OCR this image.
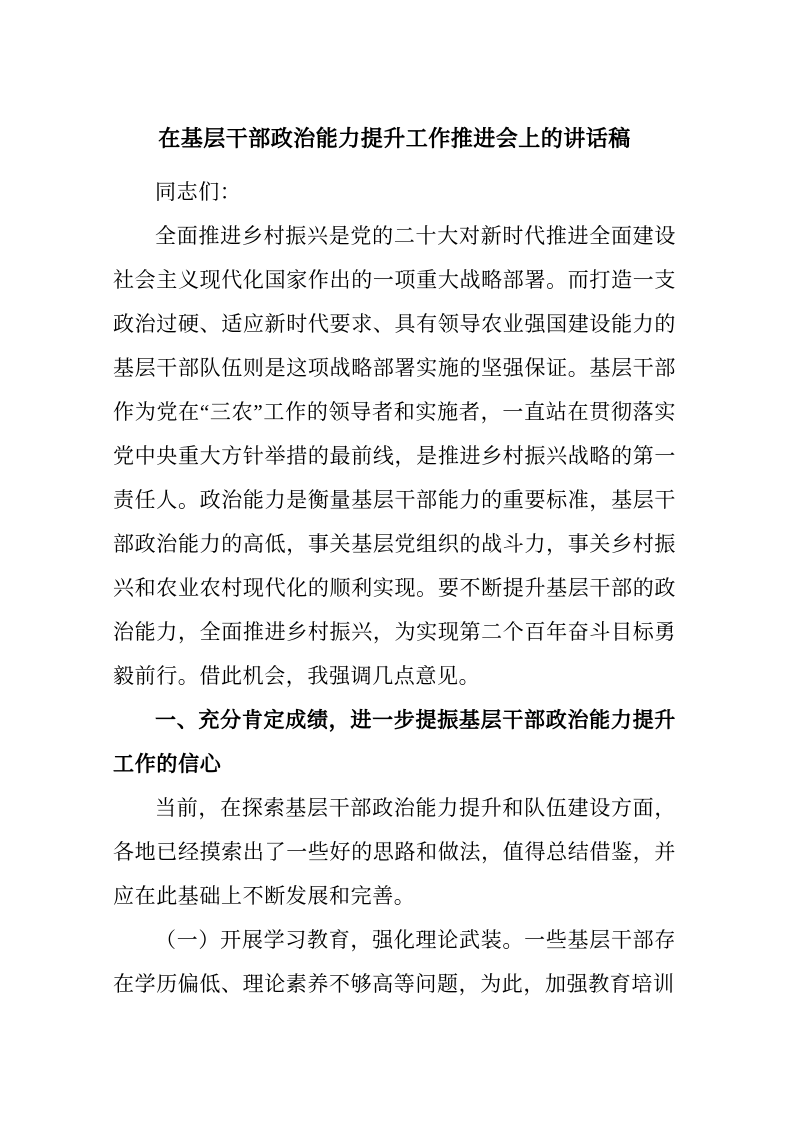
在基层干部政治能力提升工作推进会上的讲话稿

同志们：

全面推进乡村振兴是党的二十大对新时代推进全面建设社会主义现代化国家作出的一项重大战略部署。而打造一支政治过硬、适应新时代要求、具有领导农业强国建设能力的基层干部队伍则是这项战略部署实施的坚强保证。基层干部作为党在“三农”工作的领导者和实施者，一直站在贯彻落实党中央重大方针举措的最前线，是推进乡村振兴战略的第一责任人。政治能力是衡量基层干部能力的重要标准，基层干部政治能力的高低，事关基层党组织的战斗力，事关乡村振兴和农业农村现代化的顺利实现。要不断提升基层干部的政治能力，全面推进乡村振兴，为实现第二个百年奋斗目标勇毅前行。借此机会，我强调几点意见。

一、充分肯定成绩，进一步提振基层干部政治能力提升工作的信心

当前，在探索基层干部政治能力提升和队伍建设方面，各地已经摸索出了一些好的思路和做法，值得总结借鉴，并应在此基础上不断发展和完善。

（一）开展学习教育，强化理论武装。一些基层干部存在学历偏低、理论素养不够高等问题，为此，加强教育培训
